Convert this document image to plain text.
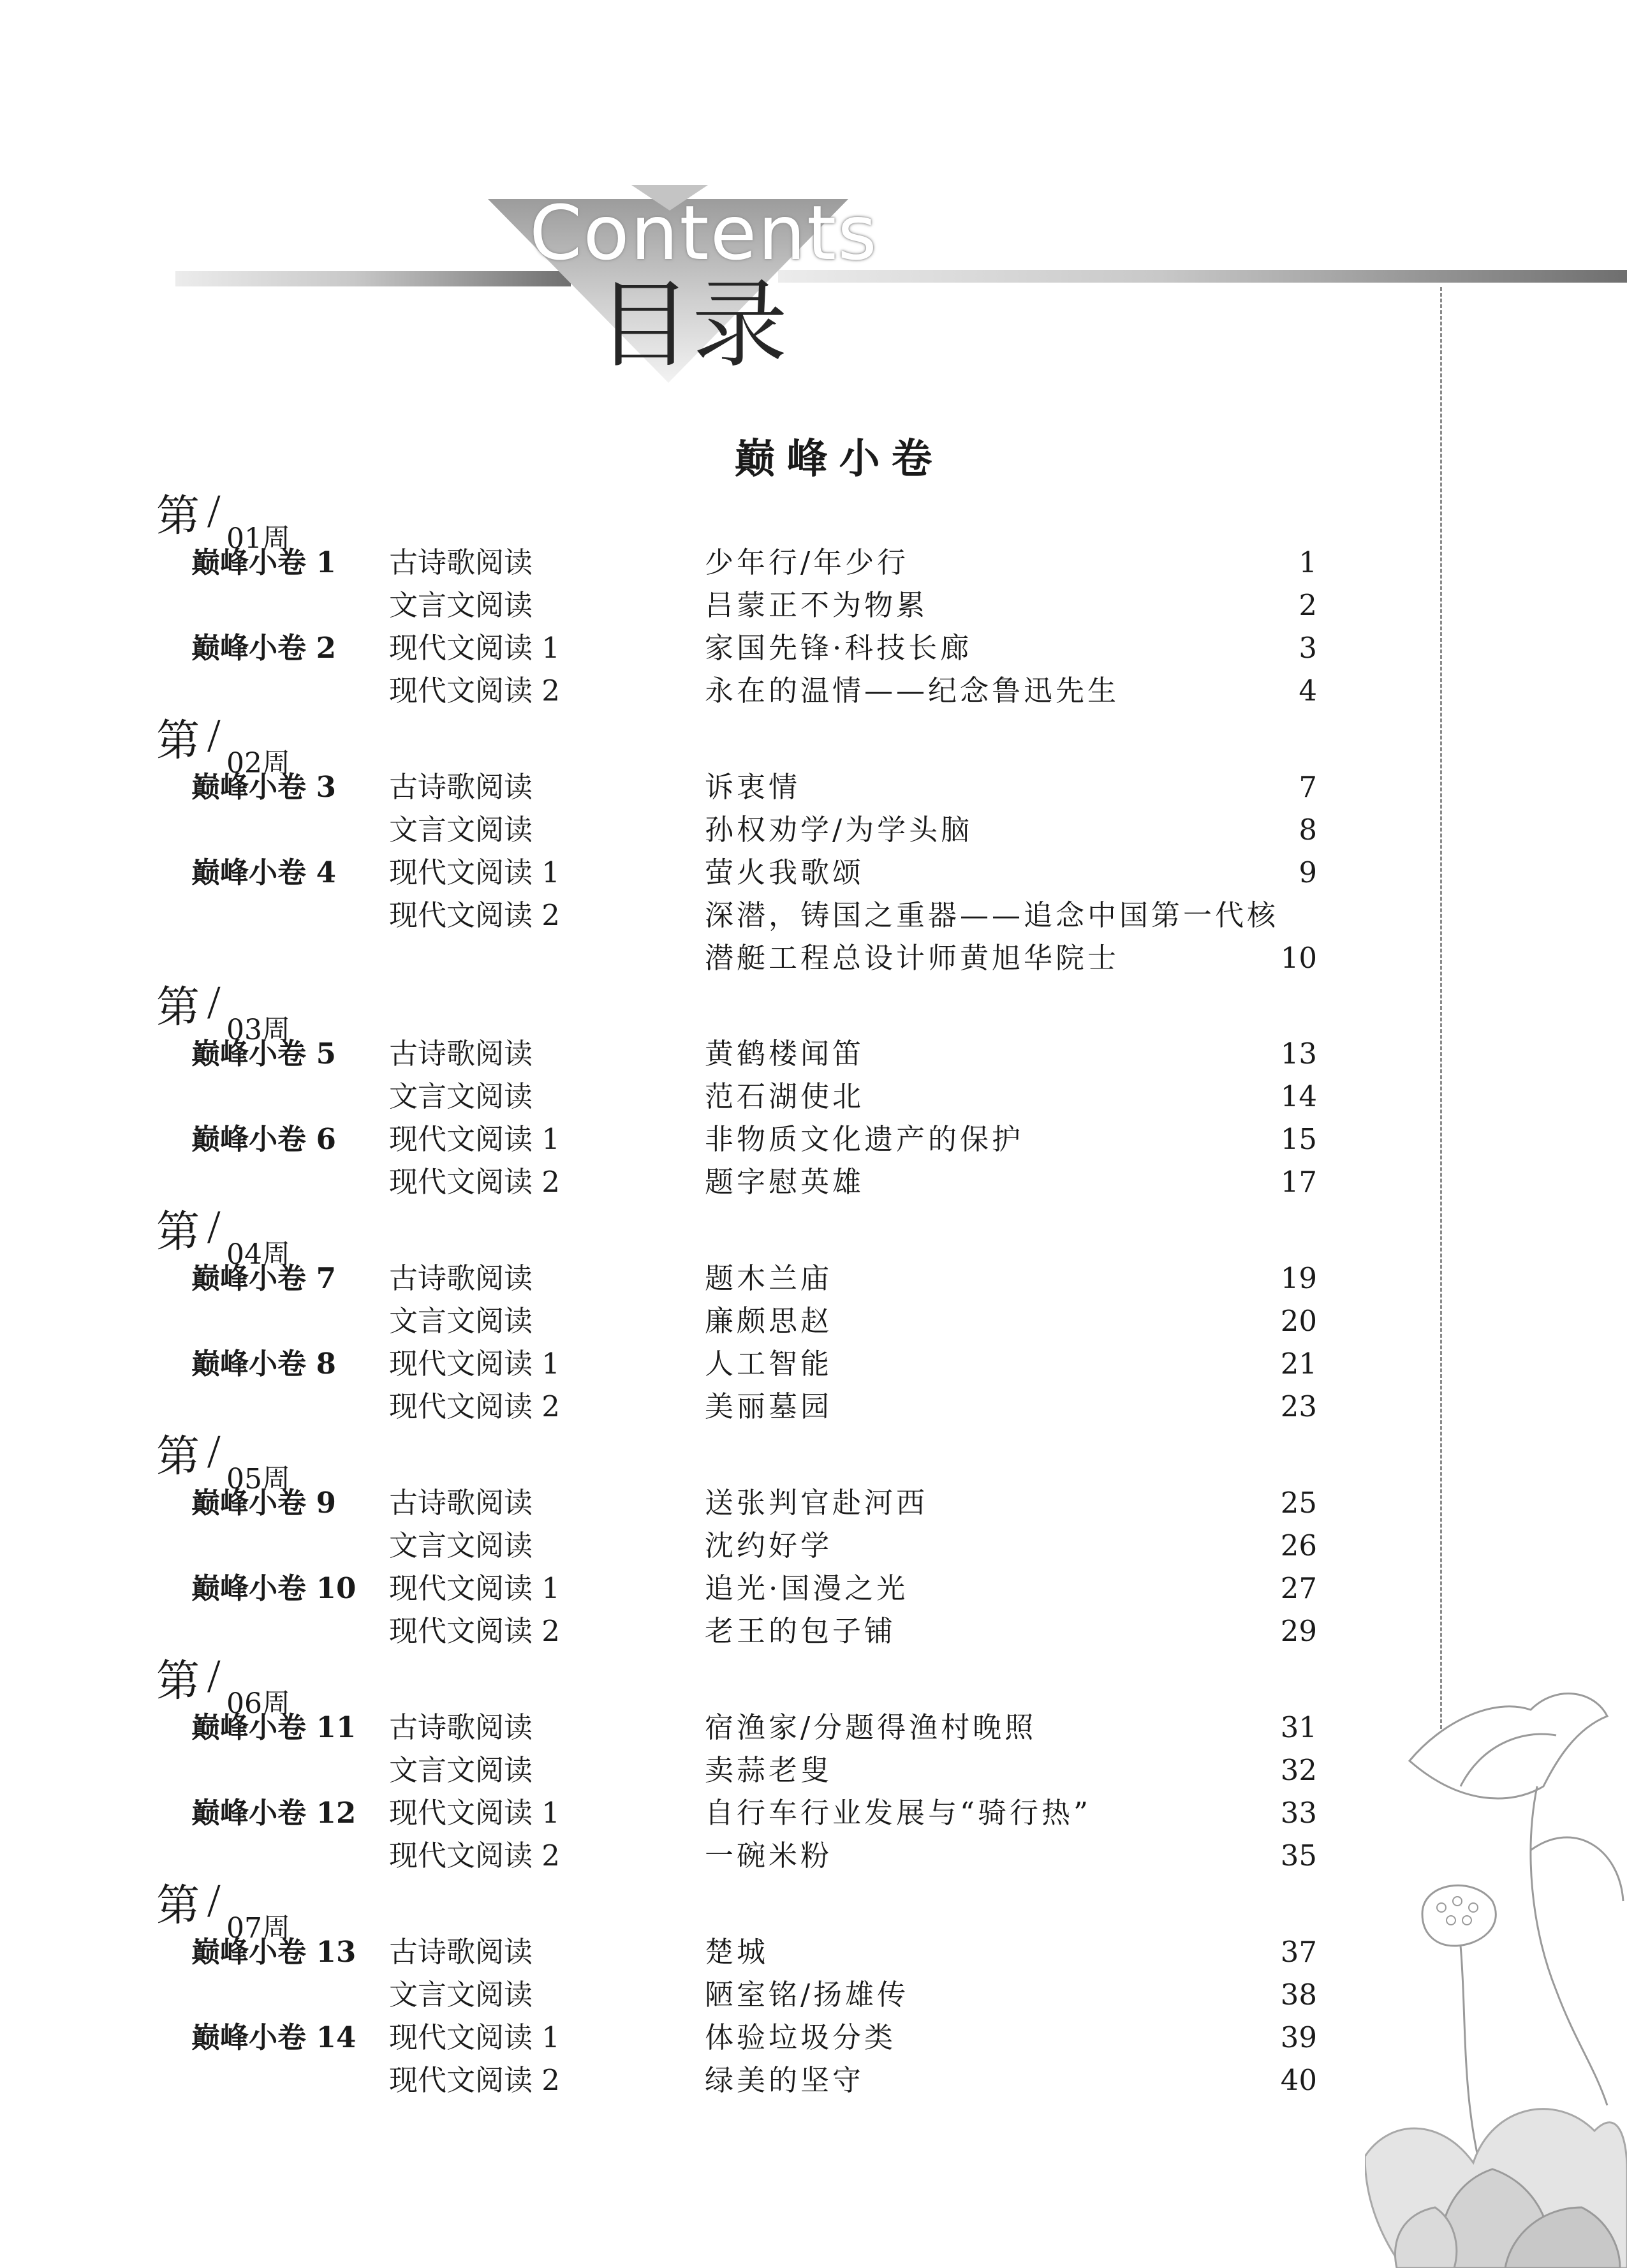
Contents
目录
巅峰小卷
第 /
01周
巅峰小卷 1	古诗歌阅读	少年行/年少行	1
文言文阅读	吕蒙正不为物累	2
巅峰小卷 2	现代文阅读 1	家国先锋·科技长廊	3
现代文阅读 2	永在的温情——纪念鲁迅先生	4
第 /
02周
巅峰小卷 3	古诗歌阅读	诉衷情	7
文言文阅读	孙权劝学/为学头脑	8
巅峰小卷 4	现代文阅读 1	萤火我歌颂	9
现代文阅读 2	深潜，铸国之重器——追念中国第一代核
潜艇工程总设计师黄旭华院士	10
第 /
03周
巅峰小卷 5	古诗歌阅读	黄鹤楼闻笛	13
文言文阅读	范石湖使北	14
巅峰小卷 6	现代文阅读 1	非物质文化遗产的保护	15
现代文阅读 2	题字慰英雄	17
第 /
04周
巅峰小卷 7	古诗歌阅读	题木兰庙	19
文言文阅读	廉颇思赵	20
巅峰小卷 8	现代文阅读 1	人工智能	21
现代文阅读 2	美丽墓园	23
第 /
05周
巅峰小卷 9	古诗歌阅读	送张判官赴河西	25
文言文阅读	沈约好学	26
巅峰小卷 10	现代文阅读 1	追光·国漫之光	27
现代文阅读 2	老王的包子铺	29
第 /
06周
巅峰小卷 11	古诗歌阅读	宿渔家/分题得渔村晚照	31
文言文阅读	卖蒜老叟	32
巅峰小卷 12	现代文阅读 1	自行车行业发展与“骑行热”	33
现代文阅读 2	一碗米粉	35
第 /
07周
巅峰小卷 13	古诗歌阅读	楚城	37
文言文阅读	陋室铭/扬雄传	38
巅峰小卷 14	现代文阅读 1	体验垃圾分类	39
现代文阅读 2	绿美的坚守	40
